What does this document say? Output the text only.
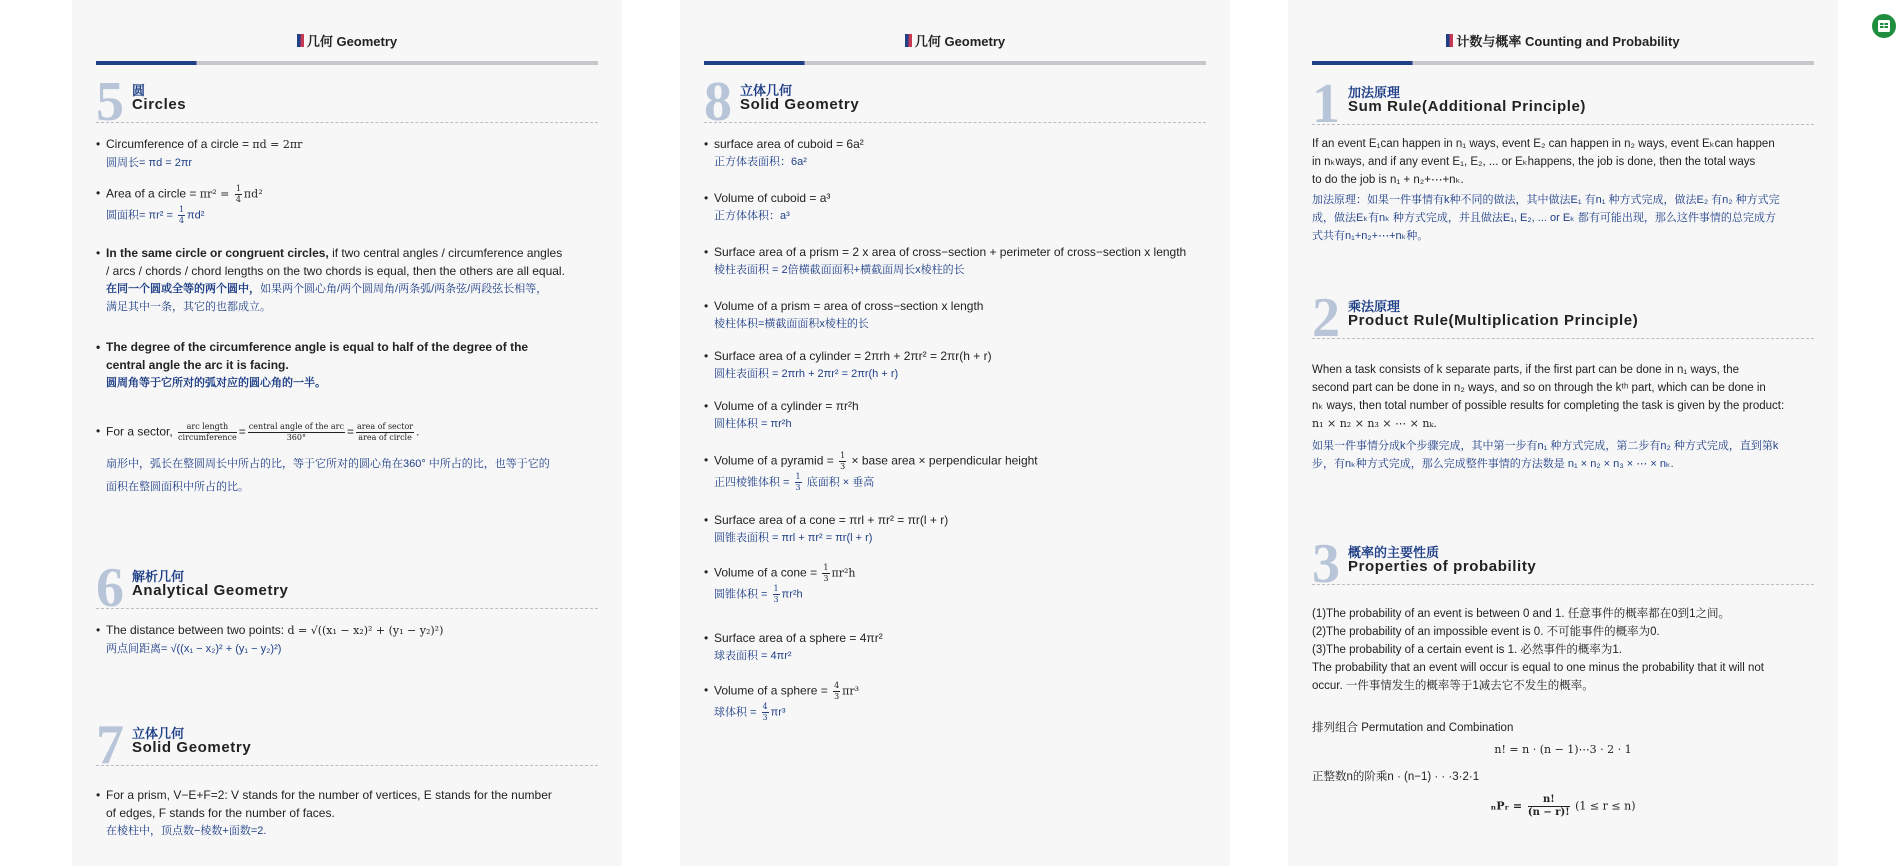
几何 Geometry
5 圆
Circles
• Circumference of a circle = πd = 2πr
圆周长= πd = 2πr
• Area of a circle = $\pi r^2 = \frac{1}{4} \pi d^2$
圆面积= $\pi r^2 = \frac{1}{4} \pi d^2$
• In the same circle or congruent circles, if two central angles / circumference angles
/ arcs / chords / chord lengths on the two chords is equal, then the others are all equal.
在同一个圆或全等的两个圆中，如果两个圆心角/两个圆周角/两条弧/两条弦/两段弦长相等，
满足其中一条，其它的也都成立。
• The degree of the circumference angle is equal to half of the degree of the
central angle the arc it is facing.
圆周角等于它所对的弧对应的圆心角的一半。
• For a sector, $\frac{\text{arc length}}{\text{circumference}} = \frac{\text{central angle of the arc}}{360^\circ} = \frac{\text{area of sector}}{\text{area of circle}}$ .
扇形中，弧长在整圆周长中所占的比，等于它所对的圆心角在360° 中所占的比，也等于它的
面积在整圆面积中所占的比。
6 解析几何
Analytical Geometry
• The distance between two points: d = √((x₁ − x₂)² + (y₁ − y₂)²)
两点间距离= √((x₁ − x₂)² + (y₁ − y₂)²)
7 立体几何
Solid Geometry
• For a prism, V−E+F=2: V stands for the number of vertices, E stands for the number
of edges, F stands for the number of faces.
在棱柱中，顶点数−棱数+面数=2.
几何 Geometry
8 立体几何
Solid Geometry
• surface area of cuboid = 6a²
正方体表面积：6a²
• Volume of cuboid = a³
正方体体积：a³
• Surface area of a prism = 2 x area of cross−section + perimeter of cross−section x length
棱柱表面积 = 2倍横截面面积+横截面周长x棱柱的长
• Volume of a prism = area of cross−section x length
棱柱体积=横截面面积x棱柱的长
• Surface area of a cylinder = 2πrh + 2πr² = 2πr(h + r)
圆柱表面积 = 2πrh + 2πr² = 2πr(h + r)
• Volume of a cylinder = πr²h
圆柱体积 = πr²h
• Volume of a pyramid = $\frac{1}{3}$ × base area × perpendicular height
正四棱锥体积 = $\frac{1}{3}$ 底面积 × 垂高
• Surface area of a cone = πrl + πr² = πr(l + r)
圆锥表面积 = πrl + πr² = πr(l + r)
• Volume of a cone = $\frac{1}{3} \pi r^2h$
圆锥体积 = $\frac{1}{3} \pi r^2h$
• Surface area of a sphere = 4πr²
球表面积 = 4πr²
• Volume of a sphere = $\frac{4}{3} \pi r^3$
球体积 = $\frac{4}{3} \pi r^3$
计数与概率 Counting and Probability
1 加法原理
Sum Rule(Additional Principle)
If an event E₁can happen in n₁ ways, event E₂ can happen in n₂ ways, event Eₖcan happen
in nₖways, and if any event E₁, E₂, ... or Eₖhappens, the job is done, then the total ways
to do the job is n₁ + n₂+⋯+nₖ.
加法原理：如果一件事情有k种不同的做法，其中做法E₁ 有n₁ 种方式完成，做法E₂ 有n₂ 种方式完
成，做法Eₖ有nₖ 种方式完成，并且做法E₁, E₂, ... or Eₖ 都有可能出现，那么这件事情的总完成方
式共有n₁+n₂+⋯+nₖ种。
2 乘法原理
Product Rule(Multiplication Principle)
When a task consists of k separate parts, if the first part can be done in n₁ ways, the
second part can be done in n₂ ways, and so on through the kᵗʰ part, which can be done in
nₖ ways, then total number of possible results for completing the task is given by the product:
n₁ × n₂ × n₃ × ⋯ × nₖ.
如果一件事情分成k个步骤完成，其中第一步有n₁ 种方式完成，第二步有n₂ 种方式完成，直到第k
步，有nₖ种方式完成，那么完成整件事情的方法数是 n₁ × n₂ × n₃ × ⋯ × nₖ.
3 概率的主要性质
Properties of probability
(1)The probability of an event is between 0 and 1. 任意事件的概率都在0到1之间。
(2)The probability of an impossible event is 0. 不可能事件的概率为0.
(3)The probability of a certain event is 1. 必然事件的概率为1.
The probability that an event will occur is equal to one minus the probability that it will not
occur. 一件事情发生的概率等于1减去它不发生的概率。
排列组合 Permutation and Combination
n! = n · (n − 1)⋯3 · 2 · 1
正整数n的阶乘n · (n−1) · · ·3·2·1
ₙPᵣ = $\frac{n!}{(n - r)!} (1 \le r \le n)$
